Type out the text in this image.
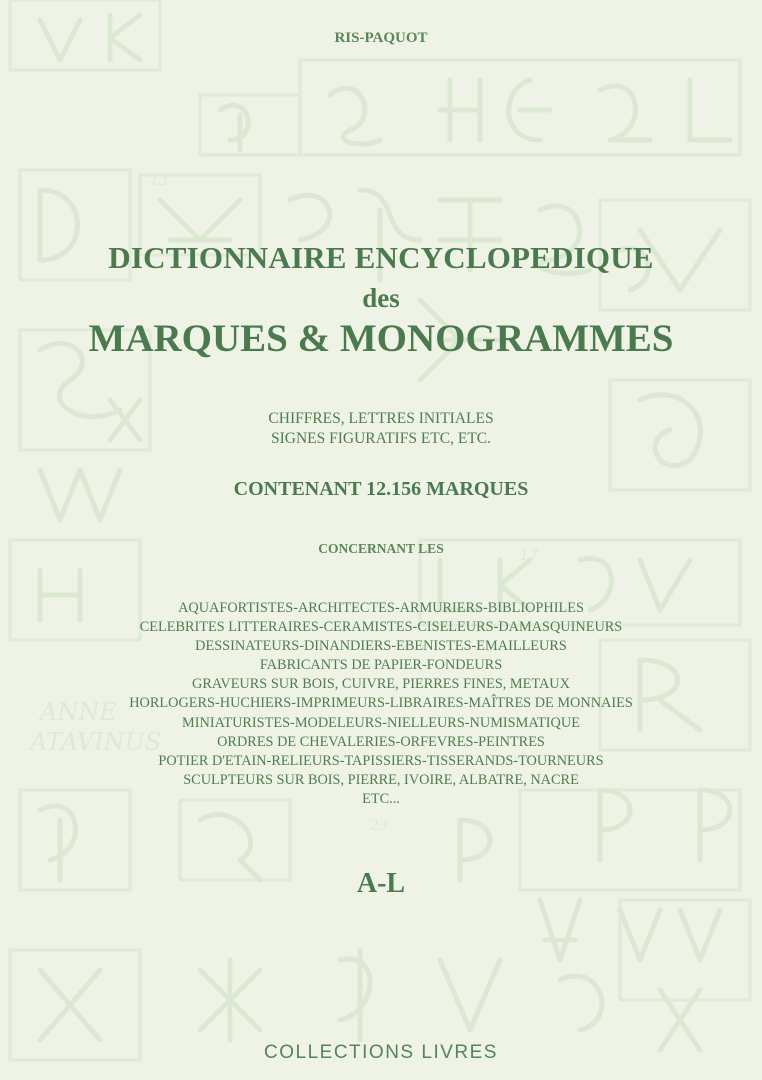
ANNE
ATAVINUS
13
17
23
RIS-PAQUOT
DICTIONNAIRE ENCYCLOPEDIQUE
des
MARQUES & MONOGRAMMES
CHIFFRES, LETTRES INITIALES
SIGNES FIGURATIFS ETC, ETC.
CONTENANT 12.156 MARQUES
CONCERNANT LES
AQUAFORTISTES-ARCHITECTES-ARMURIERS-BIBLIOPHILES
CELEBRITES LITTERAIRES-CERAMISTES-CISELEURS-DAMASQUINEURS
DESSINATEURS-DINANDIERS-EBENISTES-EMAILLEURS
FABRICANTS DE PAPIER-FONDEURS
GRAVEURS SUR BOIS, CUIVRE, PIERRES FINES, METAUX
HORLOGERS-HUCHIERS-IMPRIMEURS-LIBRAIRES-MAÎTRES DE MONNAIES
MINIATURISTES-MODELEURS-NIELLEURS-NUMISMATIQUE
ORDRES DE CHEVALERIES-ORFEVRES-PEINTRES
POTIER D'ETAIN-RELIEURS-TAPISSIERS-TISSERANDS-TOURNEURS
SCULPTEURS SUR BOIS, PIERRE, IVOIRE, ALBATRE, NACRE
ETC...
A-L
COLLECTIONS LIVRES
